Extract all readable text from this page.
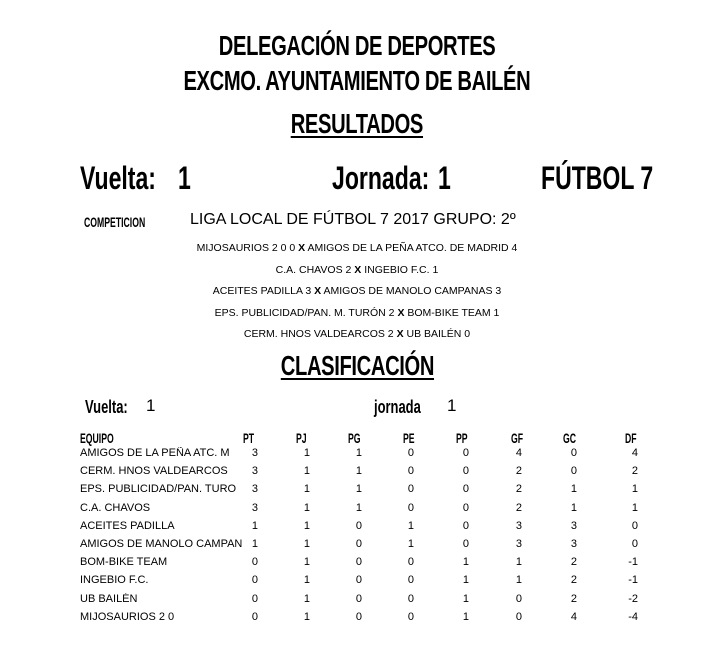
DELEGACIÓN DE DEPORTES
EXCMO. AYUNTAMIENTO DE BAILÉN
RESULTADOS
Vuelta: 1	Jornada: 1	FÚTBOL 7
COMPETICION	LIGA LOCAL DE FÚTBOL 7 2017 GRUPO: 2º
MIJOSAURIOS 2 0 0 X AMIGOS DE LA PEÑA ATCO. DE MADRID 4
C.A. CHAVOS 2 X INGEBIO F.C. 1
ACEITES PADILLA 3 X AMIGOS DE MANOLO CAMPANAS 3
EPS. PUBLICIDAD/PAN. M. TURÓN 2 X BOM-BIKE TEAM 1
CERM. HNOS VALDEARCOS 2 X UB BAILÉN 0
CLASIFICACIÓN
Vuelta: 1	jornada 1
EQUIPO	PT	PJ	PG	PE	PP	GF	GC	DF
AMIGOS DE LA PEÑA ATC. M	3	1	1	0	0	4	0	4
CERM. HNOS VALDEARCOS	3	1	1	0	0	2	0	2
EPS. PUBLICIDAD/PAN. TURO	3	1	1	0	0	2	1	1
C.A. CHAVOS	3	1	1	0	0	2	1	1
ACEITES PADILLA	1	1	0	1	0	3	3	0
AMIGOS DE MANOLO CAMPAN 1	1	0	1	0	3	3	0
BOM-BIKE TEAM	0	1	0	0	1	1	2	-1
INGEBIO F.C.	0	1	0	0	1	1	2	-1
UB BAILÉN	0	1	0	0	1	0	2	-2
MIJOSAURIOS 2 0	0	1	0	0	1	0	4	-4
